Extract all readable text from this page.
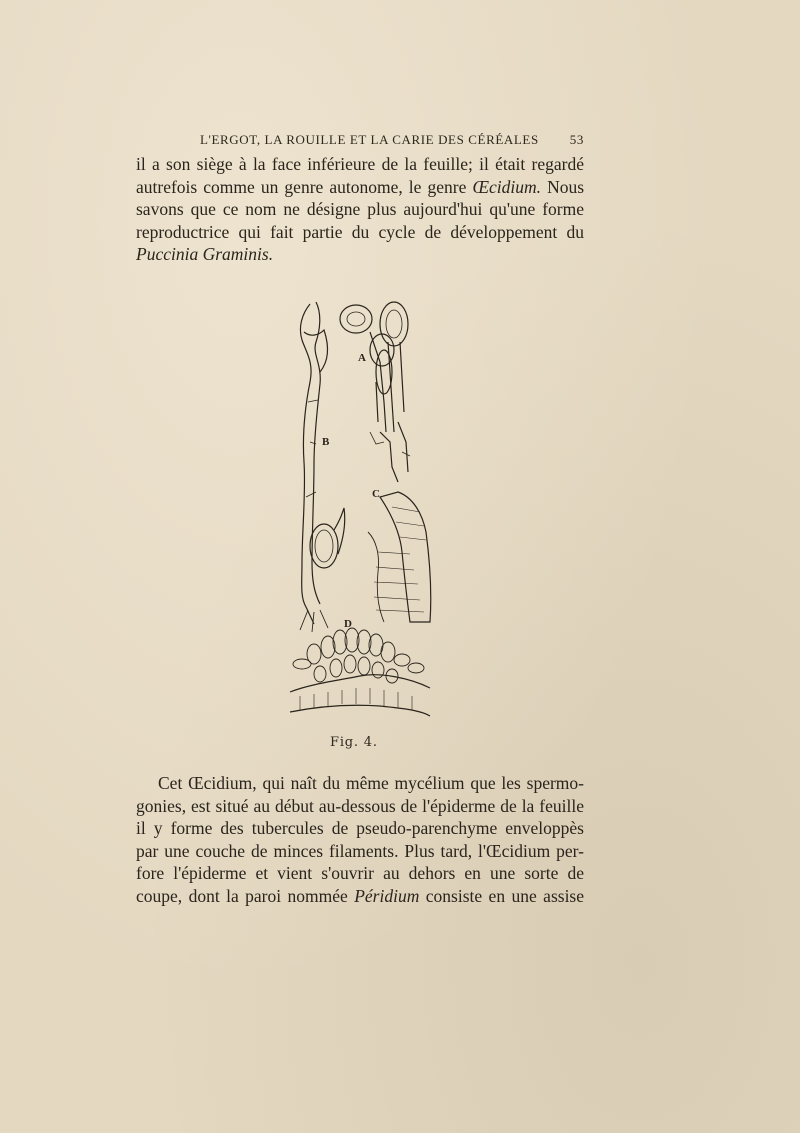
L'ERGOT, LA ROUILLE ET LA CARIE DES CÉRÉALES 53
il a son siège à la face inférieure de la feuille; il était regardé
autrefois comme un genre autonome, le genre Œcidium. Nous
savons que ce nom ne désigne plus aujourd'hui qu'une forme
reproductrice qui fait partie du cycle de développement du
Puccinia Graminis.
A
B
C
D
Fig. 4.
Cet Œcidium, qui naît du même mycélium que les spermo-
gonies, est situé au début au-dessous de l'épiderme de la feuille
il y forme des tubercules de pseudo-parenchyme enveloppès
par une couche de minces filaments. Plus tard, l'Œcidium per-
fore l'épiderme et vient s'ouvrir au dehors en une sorte de
coupe, dont la paroi nommée Péridium consiste en une assise
